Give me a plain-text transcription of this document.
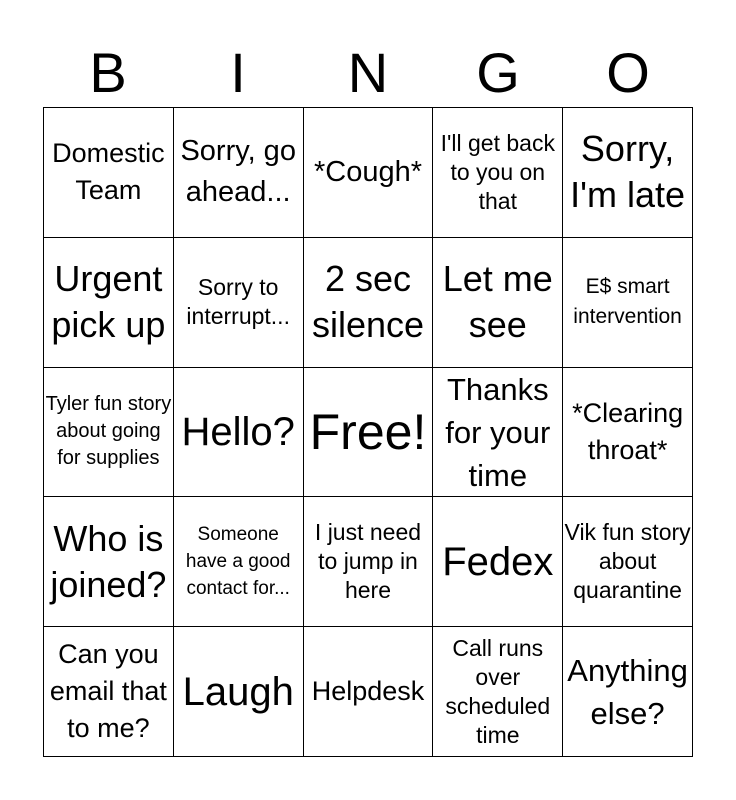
B	I	N	G	O
Domestic Team
Sorry, go ahead...
*Cough*
I'll get back to you on that
Sorry, I'm late
Urgent pick up
Sorry to interrupt...
2 sec silence
Let me see
E$ smart intervention
Tyler fun story about going for supplies
Hello? Free!
Thanks for your time
*Clearing throat*
Who is joined?
Someone have a good contact for...
I just need to jump in here
Fedex
Vik fun story about quarantine
Can you email that to me?
Laugh Helpdesk
Call runs over scheduled time
Anything else?
